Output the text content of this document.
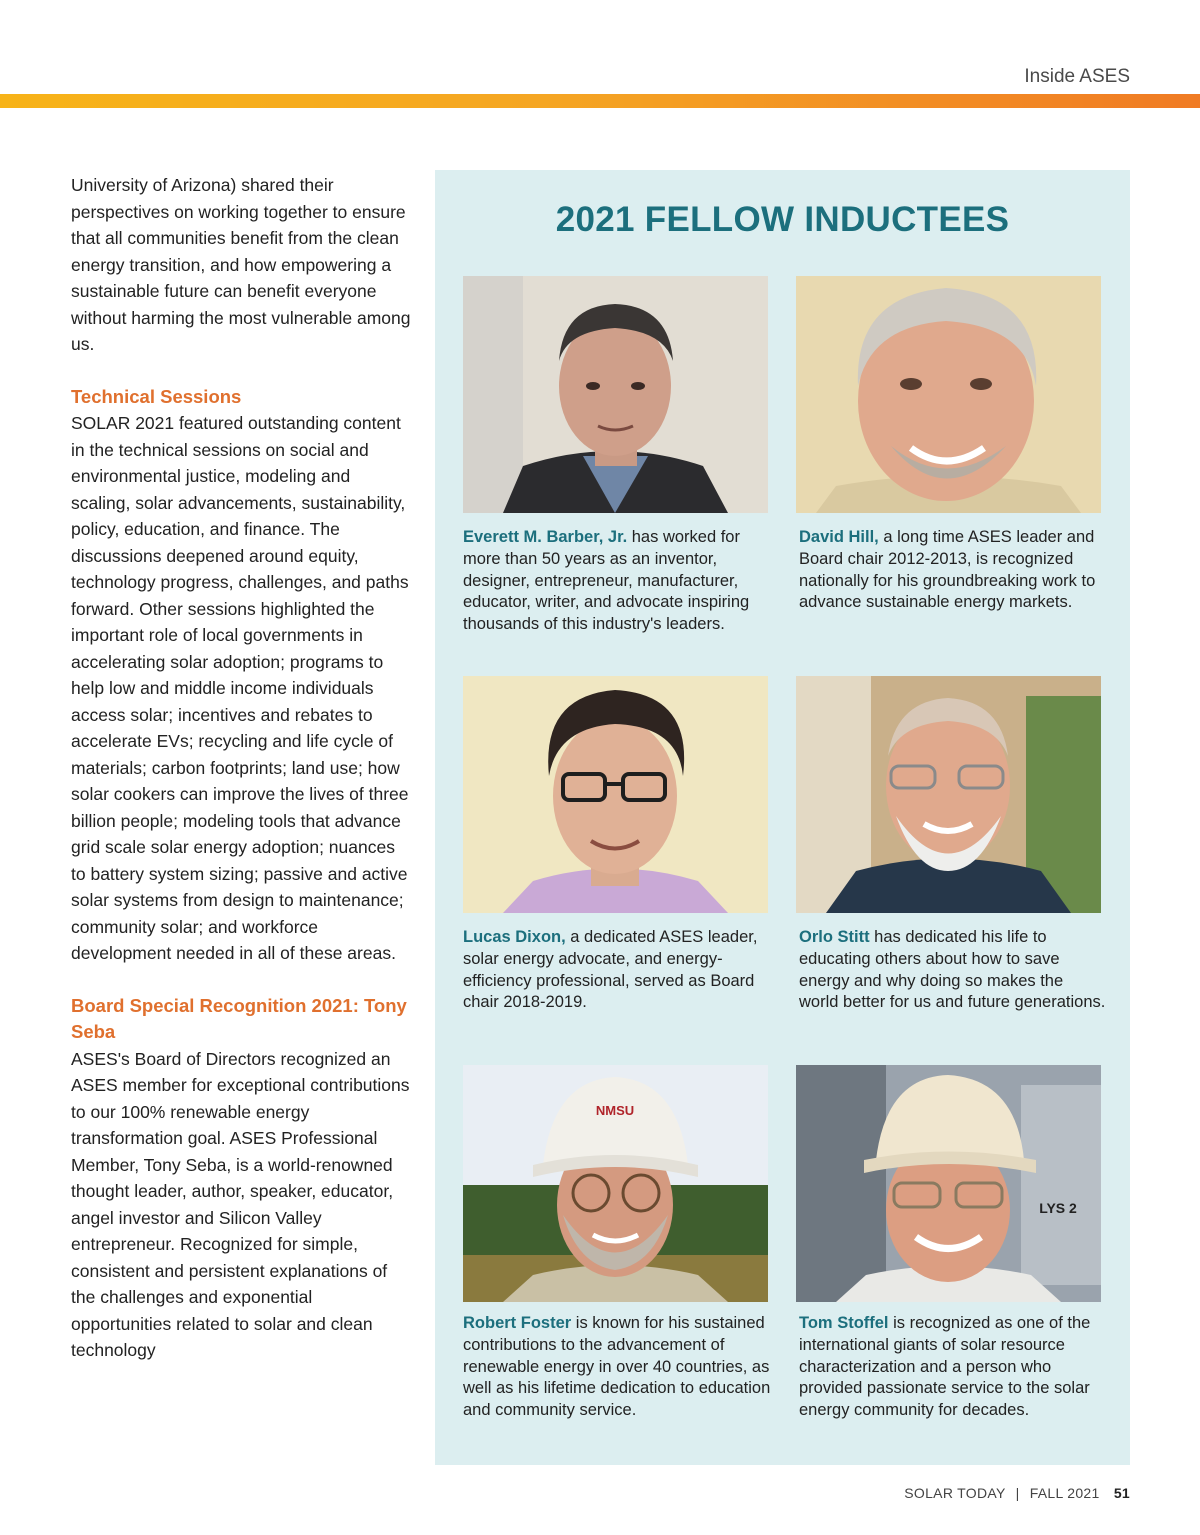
Inside ASES

University of Arizona) shared their perspectives on working together to ensure that all communities benefit from the clean energy transition, and how empowering a sustainable future can benefit everyone without harming the most vulnerable among us.

Technical Sessions

SOLAR 2021 featured outstanding content in the technical sessions on social and environmental justice, modeling and scaling, solar advancements, sustainability, policy, education, and finance. The discussions deepened around equity, technology progress, challenges, and paths forward. Other sessions highlighted the important role of local governments in accelerating solar adoption; programs to help low and middle income individuals access solar; incentives and rebates to accelerate EVs; recycling and life cycle of materials; carbon footprints; land use; how solar cookers can improve the lives of three billion people; modeling tools that advance grid scale solar energy adoption; nuances to battery system sizing; passive and active solar systems from design to maintenance; community solar; and workforce development needed in all of these areas.

Board Special Recognition 2021: Tony Seba

ASES's Board of Directors recognized an ASES member for exceptional contributions to our 100% renewable energy transformation goal. ASES Professional Member, Tony Seba, is a world-renowned thought leader, author, speaker, educator, angel investor and Silicon Valley entrepreneur. Recognized for simple, consistent and persistent explanations of the challenges and exponential opportunities related to solar and clean technology

2021 FELLOW INDUCTEES
Everett M. Barber, Jr. has worked for more than 50 years as an inventor, designer, entrepreneur, manufacturer, educator, writer, and advocate inspiring thousands of this industry's leaders.
David Hill, a long time ASES leader and Board chair 2012-2013, is recognized nationally for his groundbreaking work to advance sustainable energy markets.
Lucas Dixon, a dedicated ASES leader, solar energy advocate, and energy-efficiency professional, served as Board chair 2018-2019.
Orlo Stitt has dedicated his life to educating others about how to save energy and why doing so makes the world better for us and future generations.
NMSU
LYS 2
Robert Foster is known for his sustained contributions to the advancement of renewable energy in over 40 countries, as well as his lifetime dedication to education and community service.
Tom Stoffel is recognized as one of the international giants of solar resource characterization and a person who provided passionate service to the solar energy community for decades.
SOLAR TODAY | FALL 2021 51
